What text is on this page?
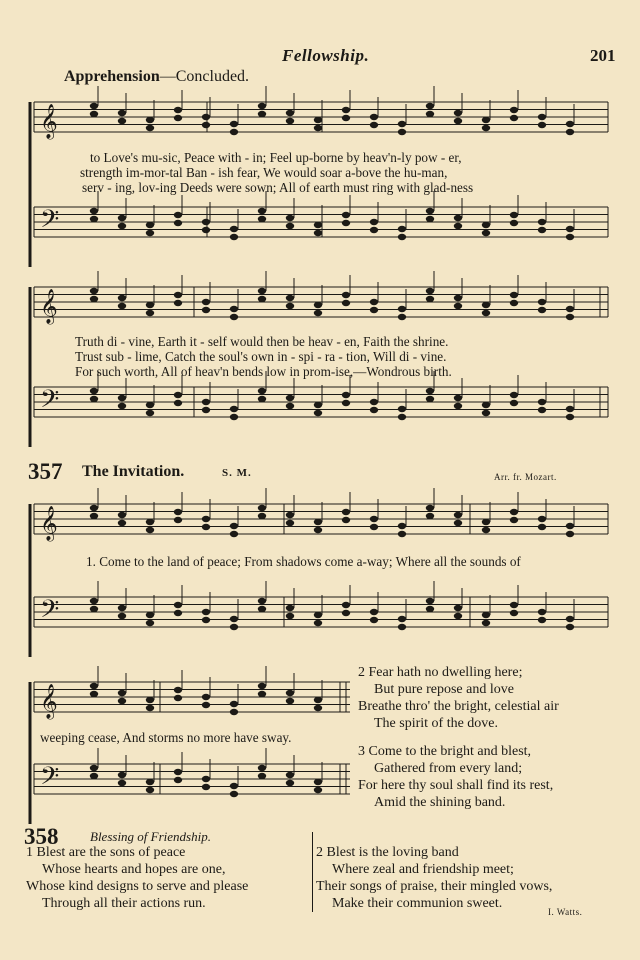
Fellowship.	201
Apprehension—Concluded.
𝄞
𝄢
𝄞
𝄢
𝄞
𝄢
𝄞
𝄢
to Love's mu-sic, Peace with - in; Feel up-borne by heav'n-ly pow - er,
strength im-mor-tal Ban - ish fear, We would soar a-bove the hu-man,
serv - ing, lov-ing Deeds were sown; All of earth must ring with glad-ness
Truth di - vine, Earth it - self would then be heav - en, Faith the shrine.
Trust sub - lime, Catch the soul's own in - spi - ra - tion, Will di - vine.
For such worth, All of heav'n bends low in prom-ise,—Wondrous birth.
357 The Invitation.	S. M.	Arr. fr. Mozart.
1. Come to the land of peace; From shadows come a-way; Where all the sounds of
weeping cease, And storms no more have sway.
2 Fear hath no dwelling here;
But pure repose and love
Breathe thro' the bright, celestial air
The spirit of the dove.
3 Come to the bright and blest,
Gathered from every land;
For here thy soul shall find its rest,
Amid the shining band.
358 Blessing of Friendship.
1 Blest are the sons of peace
Whose hearts and hopes are one,
Whose kind designs to serve and please
Through all their actions run.
2 Blest is the loving band
Where zeal and friendship meet;
Their songs of praise, their mingled vows,
Make their communion sweet.
I. Watts.
